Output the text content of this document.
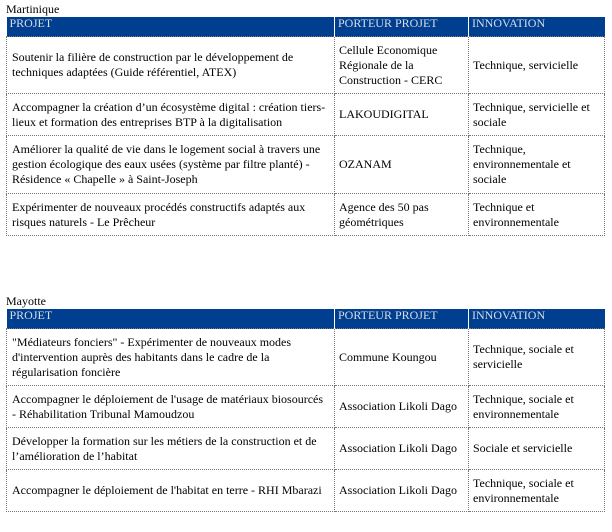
Martinique
PROJET	PORTEUR PROJET	INNOVATION
Soutenir la filière de construction par le développement de techniques adaptées (Guide référentiel, ATEX)	Cellule Economique Régionale de la Construction - CERC	Technique, servicielle
Accompagner la création d’un écosystème digital : création tiers-lieux et formation des entreprises BTP à la digitalisation	LAKOUDIGITAL	Technique, servicielle et sociale
Améliorer la qualité de vie dans le logement social à travers une gestion écologique des eaux usées (système par filtre planté) - Résidence « Chapelle » à Saint-Joseph	OZANAM	Technique, environnementale et sociale
Expérimenter de nouveaux procédés constructifs adaptés aux risques naturels - Le Prêcheur	Agence des 50 pas géométriques	Technique et environnementale
Mayotte
PROJET	PORTEUR PROJET	INNOVATION
"Médiateurs fonciers" - Expérimenter de nouveaux modes d'intervention auprès des habitants dans le cadre de la régularisation foncière	Commune Koungou	Technique, sociale et servicielle
Accompagner le déploiement de l'usage de matériaux biosourcés - Réhabilitation Tribunal Mamoudzou	Association Likoli Dago	Technique, sociale et environnementale
Développer la formation sur les métiers de la construction et de l’amélioration de l’habitat	Association Likoli Dago	Sociale et servicielle
Accompagner le déploiement de l'habitat en terre - RHI Mbarazi	Association Likoli Dago	Technique, sociale et environnementale
